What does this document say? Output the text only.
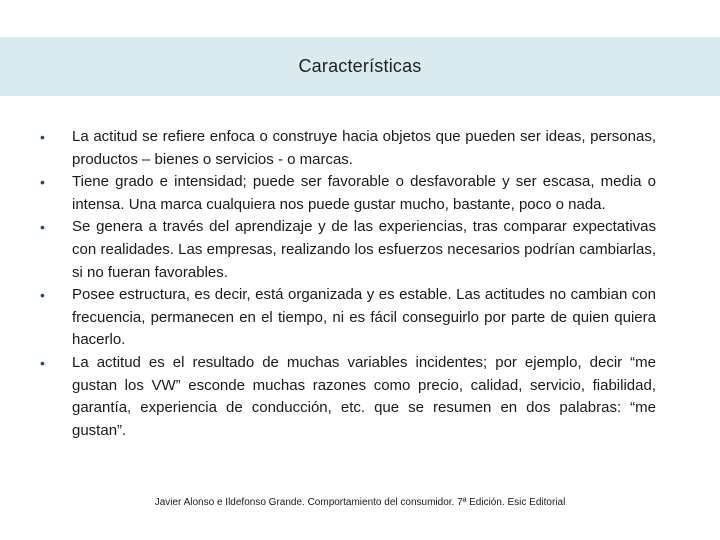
Características
•	La actitud se refiere enfoca o construye hacia objetos que pueden ser ideas, personas, productos – bienes o servicios - o marcas.
•	Tiene grado e intensidad; puede ser favorable o desfavorable y ser escasa, media o intensa. Una marca cualquiera nos puede gustar mucho, bastante, poco o nada.
•	Se genera a través del aprendizaje y de las experiencias, tras comparar expectativas con realidades. Las empresas, realizando los esfuerzos necesarios podrían cambiarlas, si no fueran favorables.
•	Posee estructura, es decir, está organizada y es estable. Las actitudes no cambian con frecuencia, permanecen en el tiempo, ni es fácil conseguirlo por parte de quien quiera hacerlo.
•	La actitud es el resultado de muchas variables incidentes; por ejemplo, decir “me gustan los VW” esconde muchas razones como precio, calidad, servicio, fiabilidad, garantía, experiencia de conducción, etc. que se resumen en dos palabras: “me gustan”.
Javier Alonso e Ildefonso Grande. Comportamiento del consumidor. 7ª Edición. Esic Editorial
